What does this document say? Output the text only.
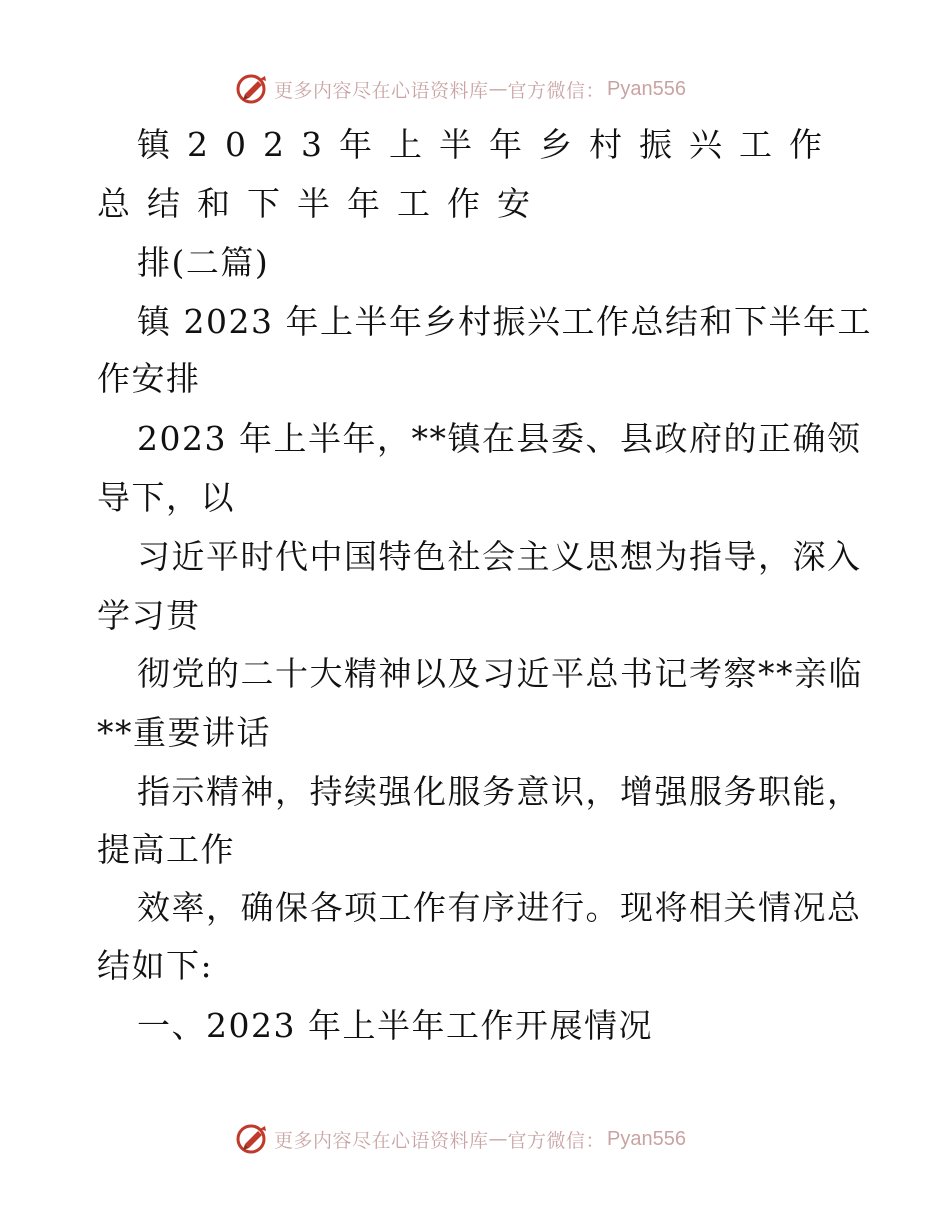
更多内容尽在心语资料库 — 官方微信： Pyan556

镇2023年上半年乡村振兴工作

总结和下半年工作安

排(二篇)

镇 2023 年上半年乡村振兴工作总结和下半年工

作安排

2023 年上半年，**镇在县委、县政府的正确领

导下，以

习近平时代中国特色社会主义思想为指导，深入

学习贯

彻党的二十大精神以及习近平总书记考察**亲临

**重要讲话

指示精神，持续强化服务意识，增强服务职能，

提高工作

效率，确保各项工作有序进行。现将相关情况总

结如下:

一、2023 年上半年工作开展情况

更多内容尽在心语资料库 — 官方微信： Pyan556
